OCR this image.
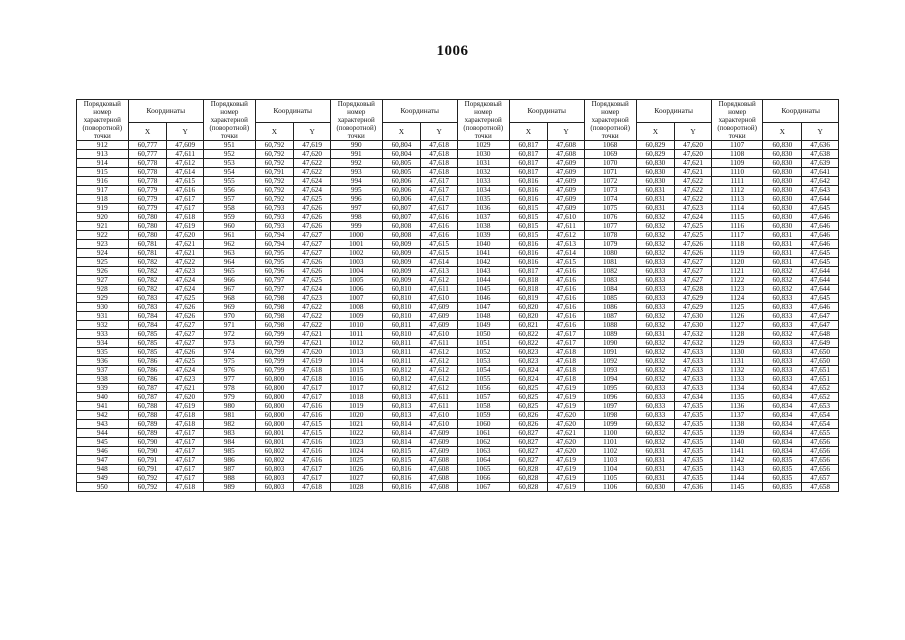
1006
Порядковый номер характерной (поворотной) точки	Координаты		Порядковый номер характерной (поворотной) точки	Координаты		Порядковый номер характерной (поворотной) точки	Координаты		Порядковый номер характерной (поворотной) точки	Координаты		Порядковый номер характерной (поворотной) точки	Координаты		Порядковый номер характерной (поворотной) точки	Координаты	
	X	Y		X	Y		X	Y		X	Y		X	Y		X	Y
912	60,777	47,609	951	60,792	47,619	990	60,804	47,618	1029	60,817	47,608	1068	60,829	47,620	1107	60,830	47,636
913	60,777	47,611	952	60,792	47,620	991	60,804	47,618	1030	60,817	47,608	1069	60,829	47,620	1108	60,830	47,638
914	60,778	47,612	953	60,792	47,622	992	60,805	47,618	1031	60,817	47,609	1070	60,830	47,621	1109	60,830	47,639
915	60,778	47,614	954	60,791	47,622	993	60,805	47,618	1032	60,817	47,609	1071	60,830	47,621	1110	60,830	47,641
916	60,778	47,615	955	60,792	47,624	994	60,806	47,617	1033	60,816	47,609	1072	60,830	47,622	1111	60,830	47,642
917	60,779	47,616	956	60,792	47,624	995	60,806	47,617	1034	60,816	47,609	1073	60,831	47,622	1112	60,830	47,643
918	60,779	47,617	957	60,792	47,625	996	60,806	47,617	1035	60,816	47,609	1074	60,831	47,622	1113	60,830	47,644
919	60,779	47,617	958	60,793	47,626	997	60,807	47,617	1036	60,815	47,609	1075	60,831	47,623	1114	60,830	47,645
920	60,780	47,618	959	60,793	47,626	998	60,807	47,616	1037	60,815	47,610	1076	60,832	47,624	1115	60,830	47,646
921	60,780	47,619	960	60,793	47,626	999	60,808	47,616	1038	60,815	47,611	1077	60,832	47,625	1116	60,830	47,646
922	60,780	47,620	961	60,794	47,627	1000	60,808	47,616	1039	60,815	47,612	1078	60,832	47,625	1117	60,831	47,646
923	60,781	47,621	962	60,794	47,627	1001	60,809	47,615	1040	60,816	47,613	1079	60,832	47,626	1118	60,831	47,646
924	60,781	47,621	963	60,795	47,627	1002	60,809	47,615	1041	60,816	47,614	1080	60,832	47,626	1119	60,831	47,645
925	60,782	47,622	964	60,795	47,626	1003	60,809	47,614	1042	60,816	47,615	1081	60,833	47,627	1120	60,831	47,645
926	60,782	47,623	965	60,796	47,626	1004	60,809	47,613	1043	60,817	47,616	1082	60,833	47,627	1121	60,832	47,644
927	60,782	47,624	966	60,797	47,625	1005	60,809	47,612	1044	60,818	47,616	1083	60,833	47,627	1122	60,832	47,644
928	60,782	47,624	967	60,797	47,624	1006	60,810	47,611	1045	60,818	47,616	1084	60,833	47,628	1123	60,832	47,644
929	60,783	47,625	968	60,798	47,623	1007	60,810	47,610	1046	60,819	47,616	1085	60,833	47,629	1124	60,833	47,645
930	60,783	47,626	969	60,798	47,622	1008	60,810	47,609	1047	60,820	47,616	1086	60,833	47,629	1125	60,833	47,646
931	60,784	47,626	970	60,798	47,622	1009	60,810	47,609	1048	60,820	47,616	1087	60,832	47,630	1126	60,833	47,647
932	60,784	47,627	971	60,798	47,622	1010	60,811	47,609	1049	60,821	47,616	1088	60,832	47,630	1127	60,833	47,647
933	60,785	47,627	972	60,799	47,621	1011	60,810	47,610	1050	60,822	47,617	1089	60,831	47,632	1128	60,832	47,648
934	60,785	47,627	973	60,799	47,621	1012	60,811	47,611	1051	60,822	47,617	1090	60,832	47,632	1129	60,833	47,649
935	60,785	47,626	974	60,799	47,620	1013	60,811	47,612	1052	60,823	47,618	1091	60,832	47,633	1130	60,833	47,650
936	60,786	47,625	975	60,799	47,619	1014	60,811	47,612	1053	60,823	47,618	1092	60,832	47,633	1131	60,833	47,650
937	60,786	47,624	976	60,799	47,618	1015	60,812	47,612	1054	60,824	47,618	1093	60,832	47,633	1132	60,833	47,651
938	60,786	47,623	977	60,800	47,618	1016	60,812	47,612	1055	60,824	47,618	1094	60,832	47,633	1133	60,833	47,651
939	60,787	47,621	978	60,800	47,617	1017	60,812	47,612	1056	60,825	47,619	1095	60,833	47,633	1134	60,834	47,652
940	60,787	47,620	979	60,800	47,617	1018	60,813	47,611	1057	60,825	47,619	1096	60,833	47,634	1135	60,834	47,652
941	60,788	47,619	980	60,800	47,616	1019	60,813	47,611	1058	60,825	47,619	1097	60,833	47,635	1136	60,834	47,653
942	60,788	47,618	981	60,800	47,616	1020	60,813	47,610	1059	60,826	47,620	1098	60,833	47,635	1137	60,834	47,654
943	60,789	47,618	982	60,800	47,615	1021	60,814	47,610	1060	60,826	47,620	1099	60,832	47,635	1138	60,834	47,654
944	60,789	47,617	983	60,801	47,615	1022	60,814	47,609	1061	60,827	47,621	1100	60,832	47,635	1139	60,834	47,655
945	60,790	47,617	984	60,801	47,616	1023	60,814	47,609	1062	60,827	47,620	1101	60,832	47,635	1140	60,834	47,656
946	60,790	47,617	985	60,802	47,616	1024	60,815	47,609	1063	60,827	47,620	1102	60,831	47,635	1141	60,834	47,656
947	60,791	47,617	986	60,802	47,616	1025	60,815	47,608	1064	60,827	47,619	1103	60,831	47,635	1142	60,835	47,656
948	60,791	47,617	987	60,803	47,617	1026	60,816	47,608	1065	60,828	47,619	1104	60,831	47,635	1143	60,835	47,656
949	60,792	47,617	988	60,803	47,617	1027	60,816	47,608	1066	60,828	47,619	1105	60,831	47,635	1144	60,835	47,657
950	60,792	47,618	989	60,803	47,618	1028	60,816	47,608	1067	60,828	47,619	1106	60,830	47,636	1145	60,835	47,658
